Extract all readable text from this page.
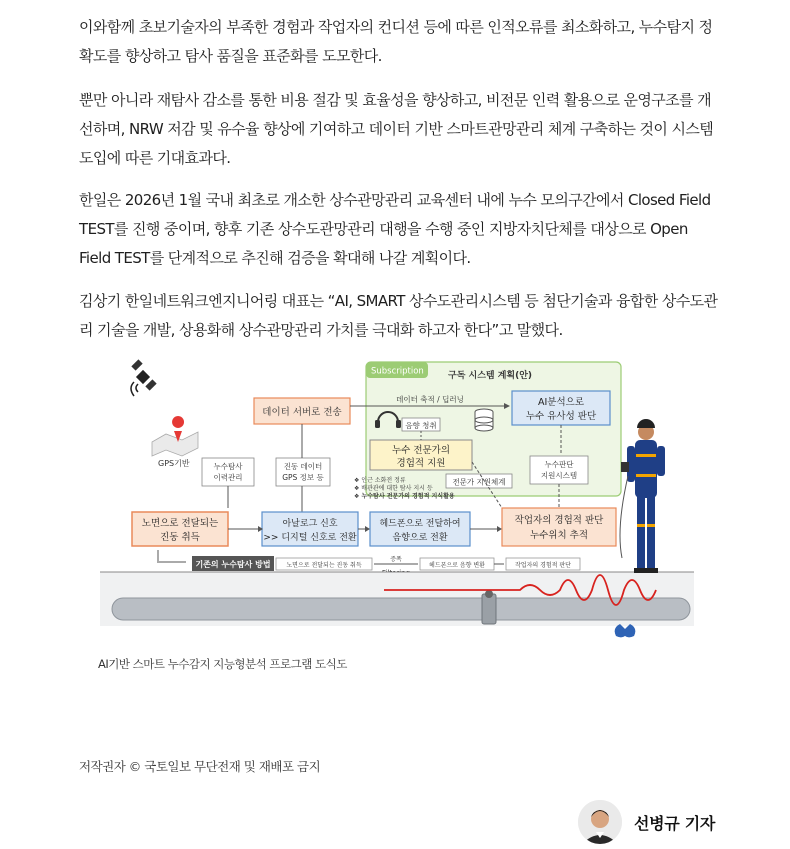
이와함께 초보기술자의 부족한 경험과 작업자의 컨디션 등에 따른 인적오류를 최소화하고, 누수탐지 정확도를 향상하고 탐사 품질을 표준화를 도모한다.

뿐만 아니라 재탐사 감소를 통한 비용 절감 및 효율성을 향상하고, 비전문 인력 활용으로 운영구조를 개선하며, NRW 저감 및 유수율 향상에 기여하고 데이터 기반 스마트관망관리 체계 구축하는 것이 시스템 도입에 따른 기대효과다.

한일은 2026년 1월 국내 최초로 개소한 상수관망관리 교육센터 내에 누수 모의구간에서 Closed Field TEST를 진행 중이며, 향후 기존 상수도관망관리 대행을 수행 중인 지방자치단체를 대상으로 Open Field TEST를 단계적으로 추진해 검증을 확대해 나갈 계획이다.

김상기 한일네트워크엔지니어링 대표는 “AI, SMART 상수도관리시스템 등 첨단기술과 융합한 상수도관리 기술을 개발, 상용화해 상수관망관리 가치를 극대화 하고자 한다”고 말했다.

Subscription	구독 시스템 계획(안)
GPS기반
데이터 서버로 전송
데이터 축적 / 딥러닝	AI분석으로
누수 유사성 판단
음향 청취
누수 전문가의
경험적 지원	누수판단
지원시스템
❖ 인근 소화전 정류
❖ 배관관에 대한 탐사 지시 등
❖ 누수탐사 전문가의 경험적 지식활용
전문가 지원체계
누수탐사
이력관리
진동 데이터
GPS 정보 등
노면으로 전달되는
진동 취득
아날로그 신호
>> 디지털 신호로 전환
헤드폰으로 전달하여
음향으로 전환
작업자의 경험적 판단
누수위치 추적
기존의 누수탐사 방법	노면으로 전달되는 진동 취득
증폭
헤드폰으로 음향 변환	작업자의 경험적 판단
AI기반 스마트 누수감지 지능형분석 프로그램 도식도
저작권자 © 국토일보 무단전재 및 재배포 금지
선병규 기자
